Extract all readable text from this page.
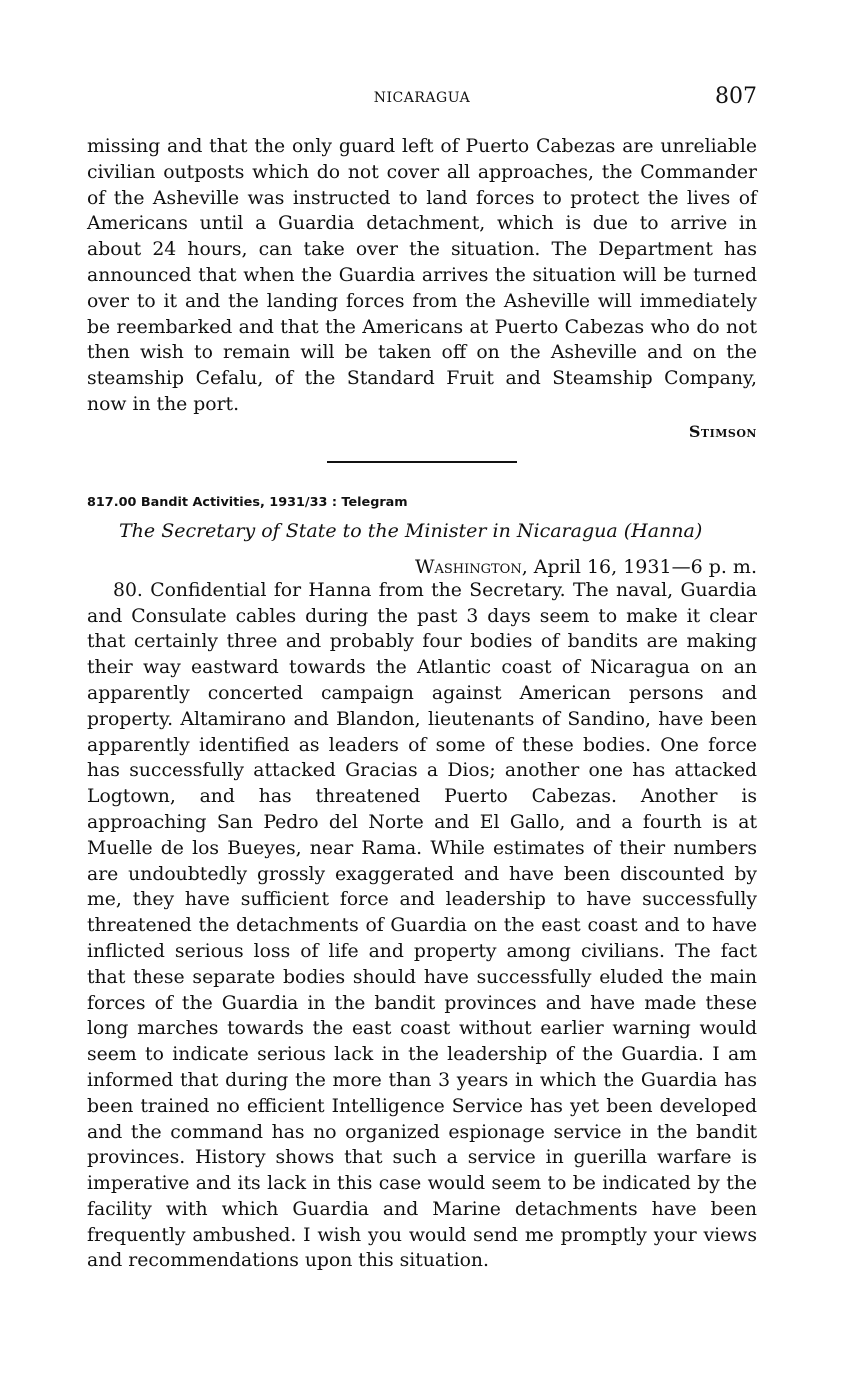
NICARAGUA	807

missing and that the only guard left of Puerto Cabezas are unreliable civilian outposts which do not cover all approaches, the Commander of the Asheville was instructed to land forces to protect the lives of Americans until a Guardia detachment, which is due to arrive in about 24 hours, can take over the situation. The Department has announced that when the Guardia arrives the situation will be turned over to it and the landing forces from the Asheville will immediately be reembarked and that the Americans at Puerto Cabezas who do not then wish to remain will be taken off on the Asheville and on the steamship Cefalu, of the Standard Fruit and Steamship Company, now in the port.

Stimson
817.00 Bandit Activities, 1931/33 : Telegram
The Secretary of State to the Minister in Nicaragua (Hanna)
Washington, April 16, 1931—6 p. m.

80. Confidential for Hanna from the Secretary. The naval, Guardia and Consulate cables during the past 3 days seem to make it clear that certainly three and probably four bodies of bandits are making their way eastward towards the Atlantic coast of Nicaragua on an apparently concerted campaign against American persons and property. Altamirano and Blandon, lieutenants of Sandino, have been apparently identified as leaders of some of these bodies. One force has successfully attacked Gracias a Dios; another one has attacked Logtown, and has threatened Puerto Cabezas. Another is approaching San Pedro del Norte and El Gallo, and a fourth is at Muelle de los Bueyes, near Rama. While estimates of their numbers are undoubtedly grossly exaggerated and have been discounted by me, they have sufficient force and leadership to have successfully threatened the detachments of Guardia on the east coast and to have inflicted serious loss of life and property among civilians. The fact that these separate bodies should have successfully eluded the main forces of the Guardia in the bandit provinces and have made these long marches towards the east coast without earlier warning would seem to indicate serious lack in the leadership of the Guardia. I am informed that during the more than 3 years in which the Guardia has been trained no efficient Intelligence Service has yet been developed and the command has no organized espionage service in the bandit provinces. History shows that such a service in guerilla warfare is imperative and its lack in this case would seem to be indicated by the facility with which Guardia and Marine detachments have been frequently ambushed. I wish you would send me promptly your views and recommendations upon this situation.
